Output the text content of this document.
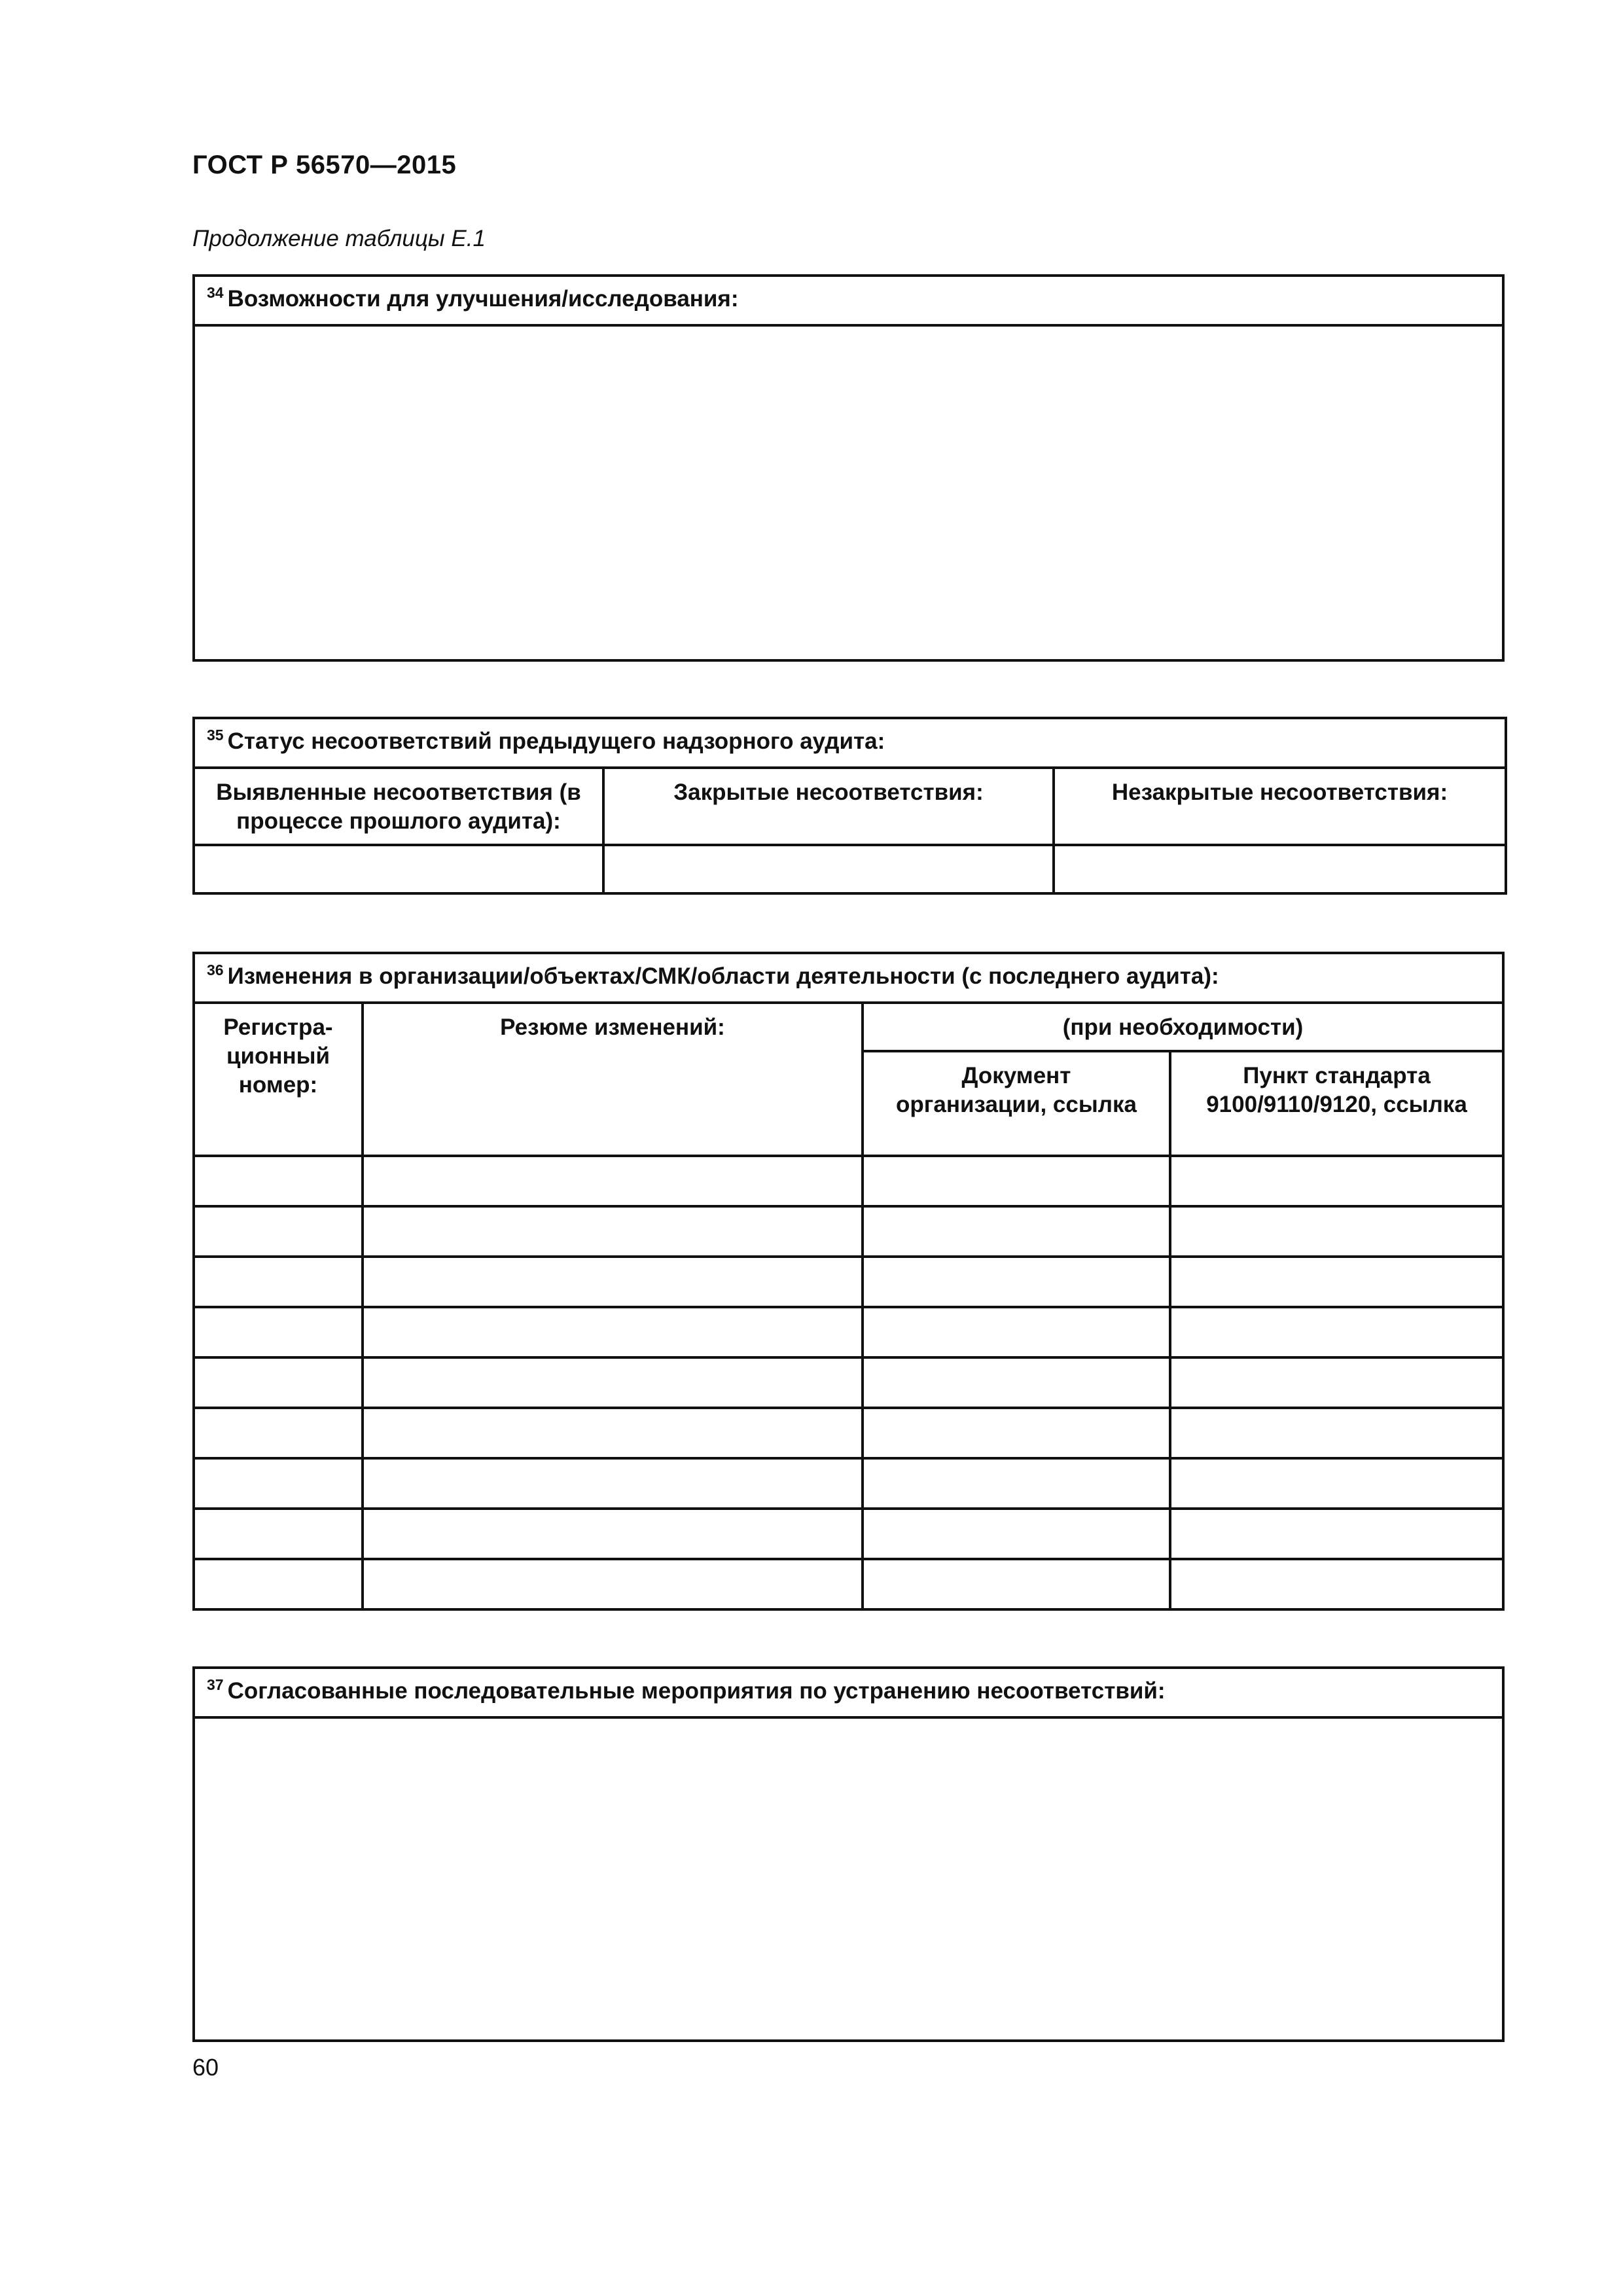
ГОСТ Р 56570—2015
Продолжение таблицы Е.1
$^{34}$ Возможности для улучшения/исследования:

$^{35}$ Статус несоответствий предыдущего надзорного аудита:		
Выявленные несоответствия (в процессе прошлого аудита):	Закрытые несоответствия:	Незакрытые несоответствия:

$^{36}$ Изменения в организации/объектах/СМК/области деятельности (с последнего аудита):			
Регистра-ционный номер:	Резюме изменений:	(при необходимости)	
		Документ организации, ссылка	Пункт стандарта 9100/9110/9120, ссылка

$^{37}$ Согласованные последовательные мероприятия по устранению несоответствий:

60
